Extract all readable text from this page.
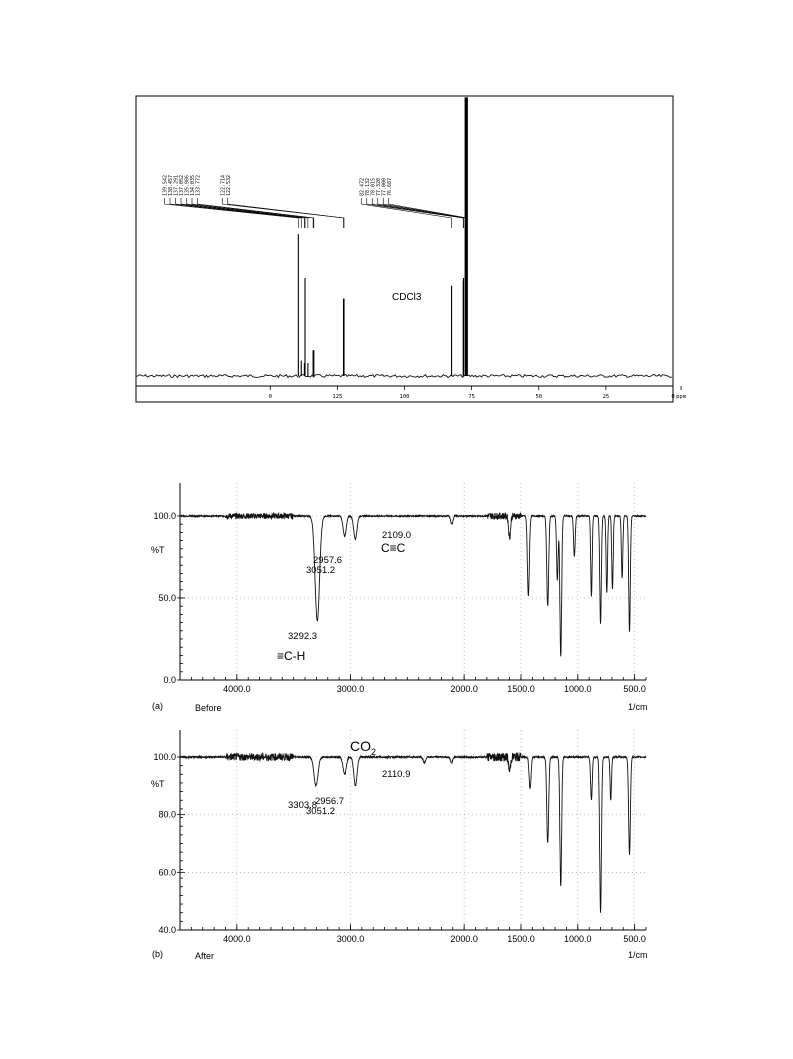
139.542 138.457 137.291 137.052 135.986 134.035 133.772	122.714 122.532	82.472 78.132 78.015 77.320 77.000 76.687
0	125	100	75	50	25	0 ppm
CDCl3
100.0
50.0
0.0
4000.0	3000.0	2000.0	1500.0	1000.0	500.0
%T
(a)	Before	1/cm
2957.6
3051.2
2109.0
3292.3
C≡C
≡C-H
100.0
80.0
60.0
40.0
4000.0	3000.0	2000.0	1500.0	1000.0	500.0
%T
(b)	After	1/cm
2956.7
3051.2
2110.9
3303.8
$CO_2$
